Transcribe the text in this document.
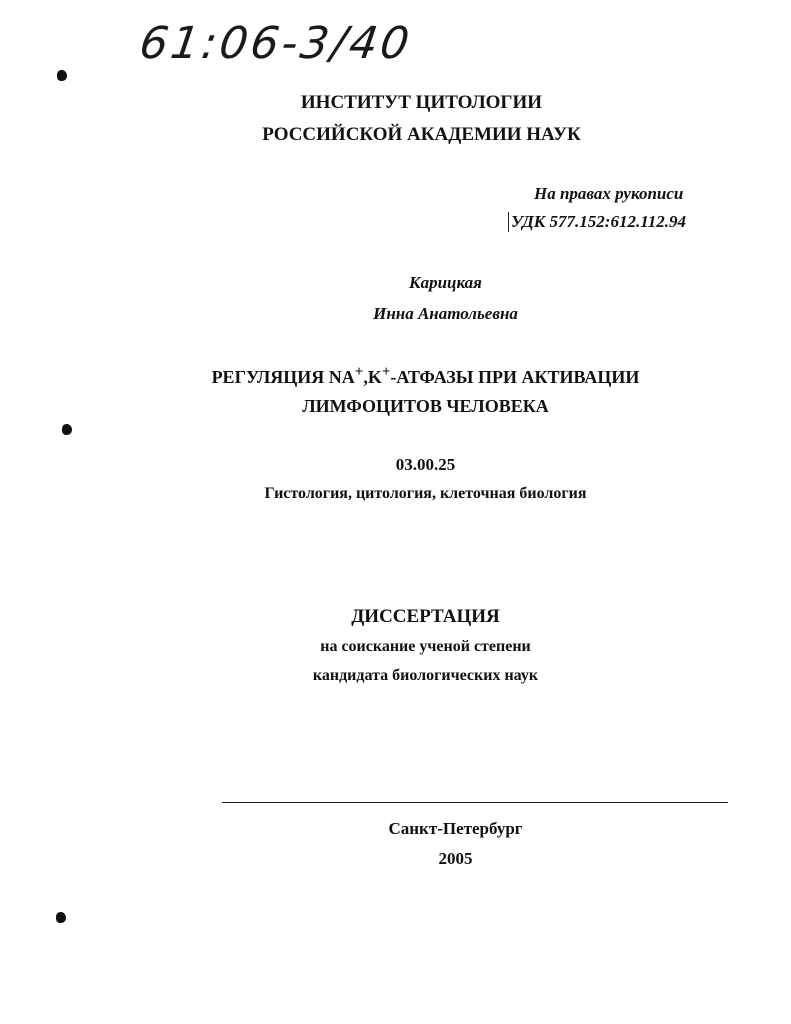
61:06-3/40
ИНСТИТУТ ЦИТОЛОГИИ
РОССИЙСКОЙ АКАДЕМИИ НАУК
На правах рукописи
УДК 577.152:612.112.94
Карицкая
Инна Анатольевна
РЕГУЛЯЦИЯ NA+,K+-АТФАЗЫ ПРИ АКТИВАЦИИ
ЛИМФОЦИТОВ ЧЕЛОВЕКА
03.00.25
Гистология, цитология, клеточная биология
ДИССЕРТАЦИЯ
на соискание ученой степени
кандидата биологических наук
Санкт-Петербург
2005
